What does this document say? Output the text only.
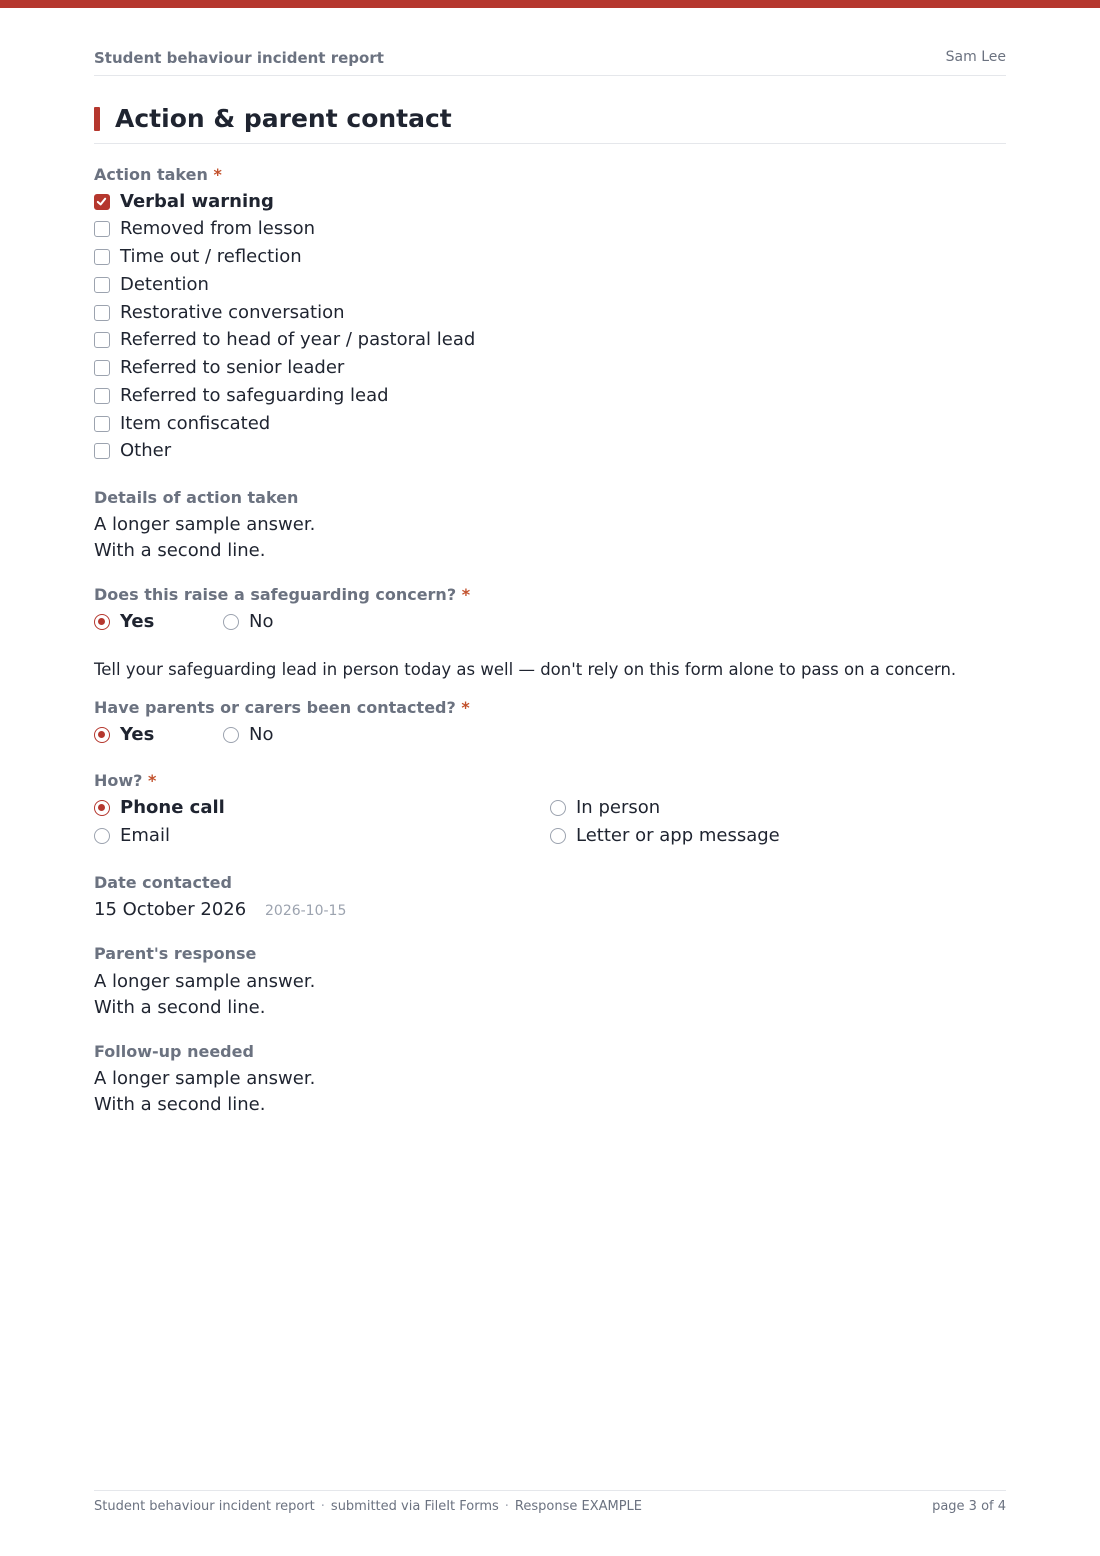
Student behaviour incident report	Sam Lee
Action & parent contact
Action taken *
Verbal warning
Removed from lesson
Time out / reflection
Detention
Restorative conversation
Referred to head of year / pastoral lead
Referred to senior leader
Referred to safeguarding lead
Item confiscated
Other
Details of action taken
A longer sample answer.
With a second line.
Does this raise a safeguarding concern? *
Yes	No
Tell your safeguarding lead in person today as well — don't rely on this form alone to pass on a concern.
Have parents or carers been contacted? *
Yes	No
How? *
Phone call	In person
Email	Letter or app message
Date contacted
15 October 2026 2026-10-15
Parent's response
A longer sample answer.
With a second line.
Follow-up needed
A longer sample answer.
With a second line.
Student behaviour incident report · submitted via FileIt Forms · Response EXAMPLE	page 3 of 4
